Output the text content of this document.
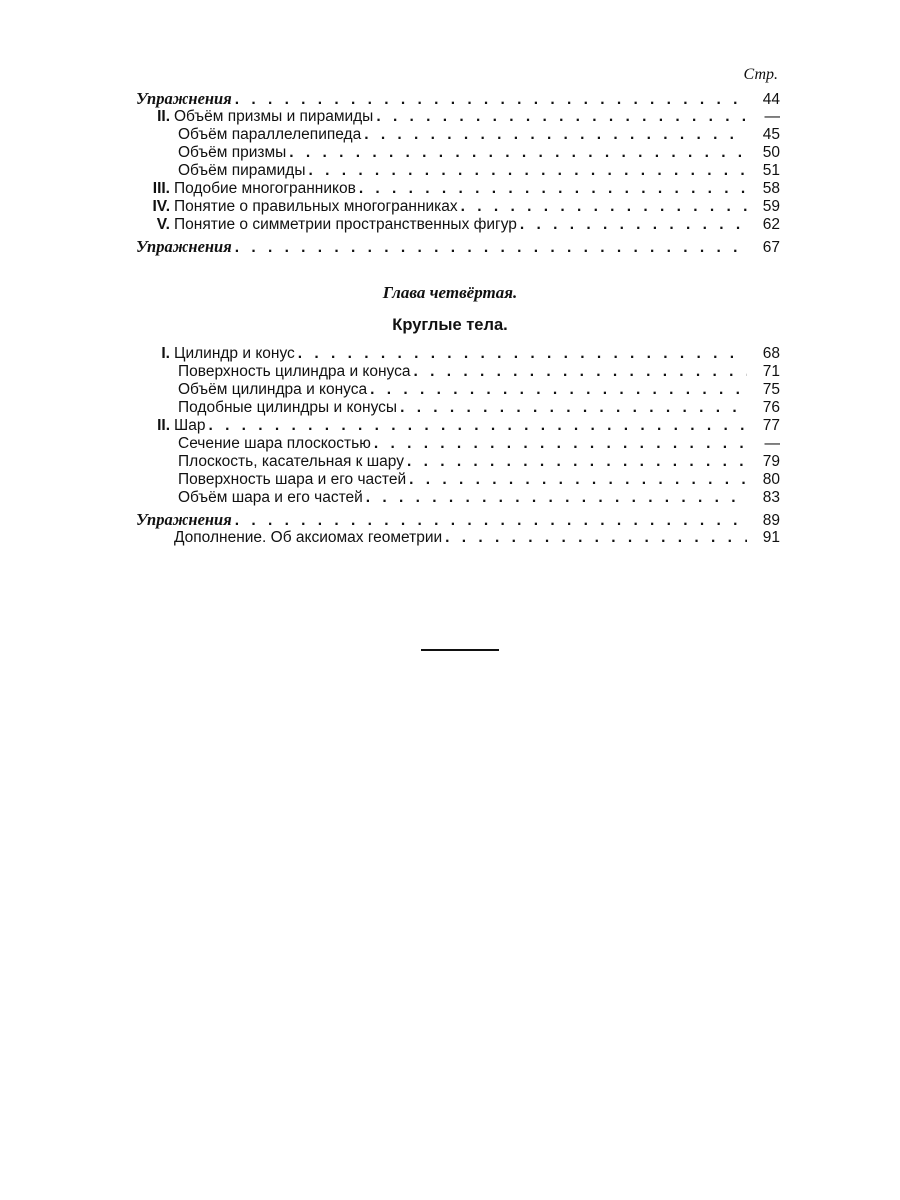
Стр.
Упражнения . . .	44
II. Объём призмы и пирамиды . . .	—
Объём параллелепипеда . . .	45
Объём призмы . . .	50
Объём пирамиды . . .	51
III. Подобие многогранников . . .	58
IV. Понятие о правильных многогранниках . . .	59
V. Понятие о симметрии пространственных фигур . . .	62
Упражнения . . .	67
Глава четвёртая.
Круглые тела.
I. Цилиндр и конус . . .	68
Поверхность цилиндра и конуса . . .	71
Объём цилиндра и конуса . . .	75
Подобные цилиндры и конусы . . .	76
II. Шар . . .	77
Сечение шара плоскостью . . .	—
Плоскость, касательная к шару . . .	79
Поверхность шара и его частей . . .	80
Объём шара и его частей . . .	83
Упражнения . . .	89
Дополнение. Об аксиомах геометрии . . .	91
